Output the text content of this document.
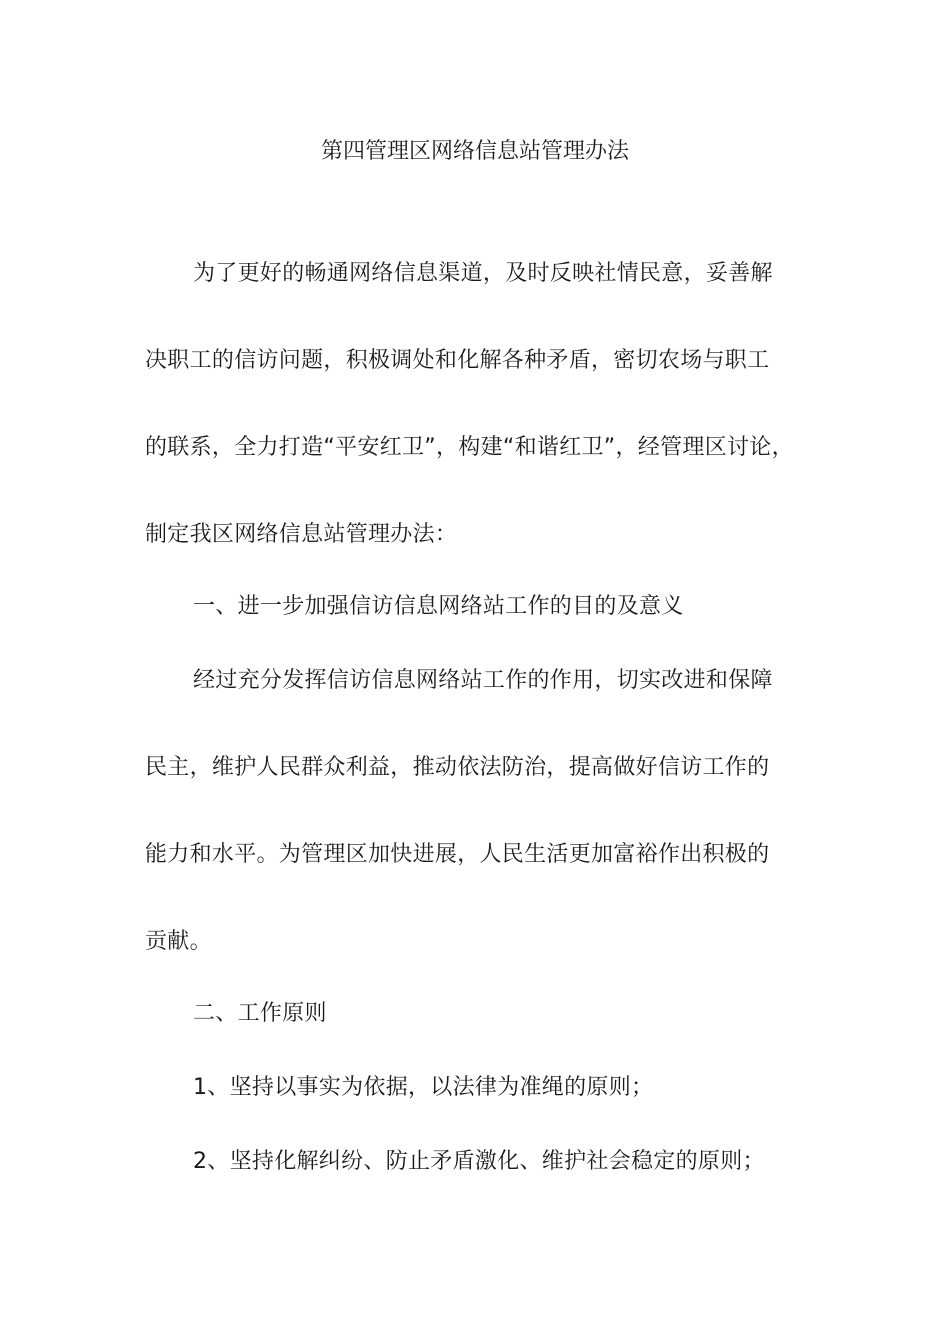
第四管理区网络信息站管理办法
为了更好的畅通网络信息渠道，及时反映社情民意，妥善解
决职工的信访问题，积极调处和化解各种矛盾，密切农场与职工
的联系，全力打造“平安红卫”，构建“和谐红卫”，经管理区讨论，
制定我区网络信息站管理办法：
一、进一步加强信访信息网络站工作的目的及意义
经过充分发挥信访信息网络站工作的作用，切实改进和保障
民主，维护人民群众利益，推动依法防治，提高做好信访工作的
能力和水平。为管理区加快进展，人民生活更加富裕作出积极的
贡献。
二、工作原则
1、坚持以事实为依据，以法律为准绳的原则；
2、坚持化解纠纷、防止矛盾激化、维护社会稳定的原则；
